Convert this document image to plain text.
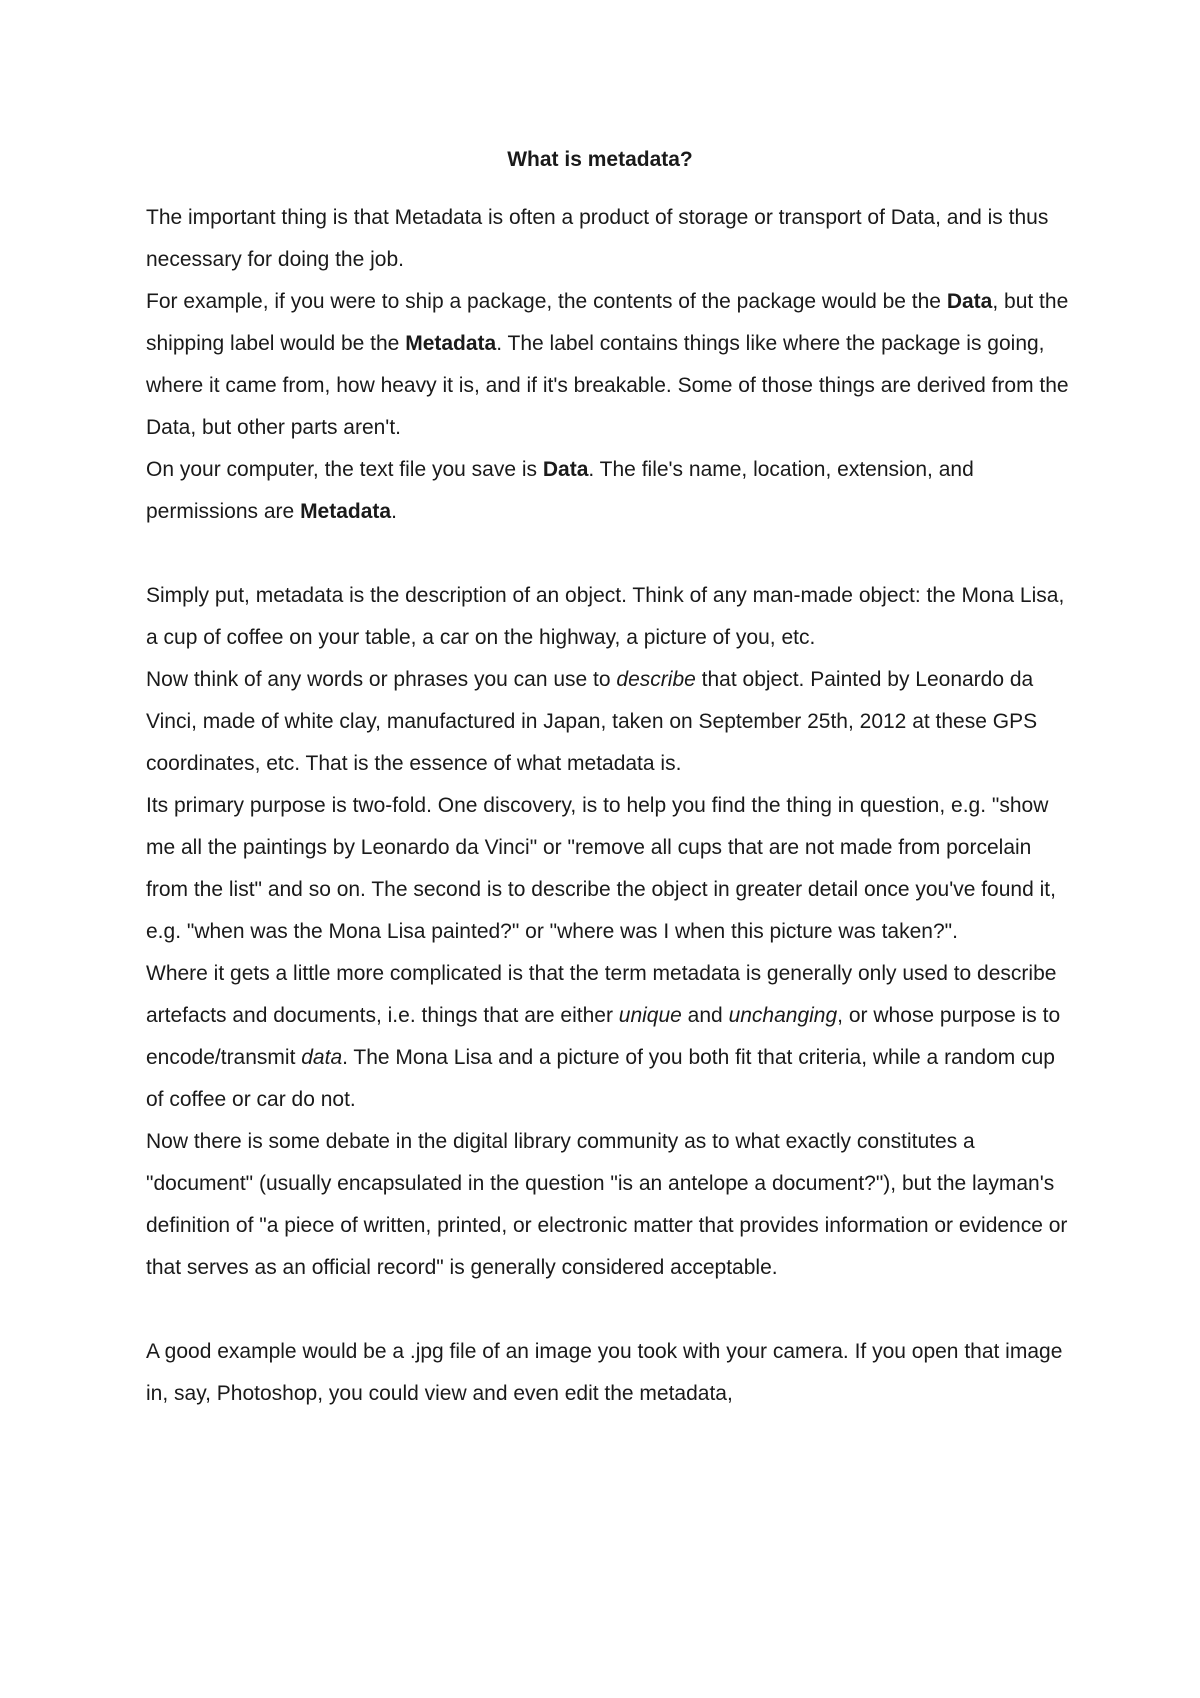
What is metadata?

The important thing is that Metadata is often a product of storage or transport of Data, and is thus necessary for doing the job.

For example, if you were to ship a package, the contents of the package would be the Data, but the shipping label would be the Metadata. The label contains things like where the package is going, where it came from, how heavy it is, and if it's breakable. Some of those things are derived from the Data, but other parts aren't.

On your computer, the text file you save is Data. The file's name, location, extension, and permissions are Metadata.

Simply put, metadata is the description of an object. Think of any man-made object: the Mona Lisa, a cup of coffee on your table, a car on the highway, a picture of you, etc.

Now think of any words or phrases you can use to describe that object. Painted by Leonardo da Vinci, made of white clay, manufactured in Japan, taken on September 25th, 2012 at these GPS coordinates, etc. That is the essence of what metadata is.

Its primary purpose is two-fold. One discovery, is to help you find the thing in question, e.g. "show me all the paintings by Leonardo da Vinci" or "remove all cups that are not made from porcelain from the list" and so on. The second is to describe the object in greater detail once you've found it, e.g. "when was the Mona Lisa painted?" or "where was I when this picture was taken?".

Where it gets a little more complicated is that the term metadata is generally only used to describe artefacts and documents, i.e. things that are either unique and unchanging, or whose purpose is to encode/transmit data. The Mona Lisa and a picture of you both fit that criteria, while a random cup of coffee or car do not.

Now there is some debate in the digital library community as to what exactly constitutes a "document" (usually encapsulated in the question "is an antelope a document?"), but the layman's definition of "a piece of written, printed, or electronic matter that provides information or evidence or that serves as an official record" is generally considered acceptable.

A good example would be a .jpg file of an image you took with your camera. If you open that image in, say, Photoshop, you could view and even edit the metadata,
